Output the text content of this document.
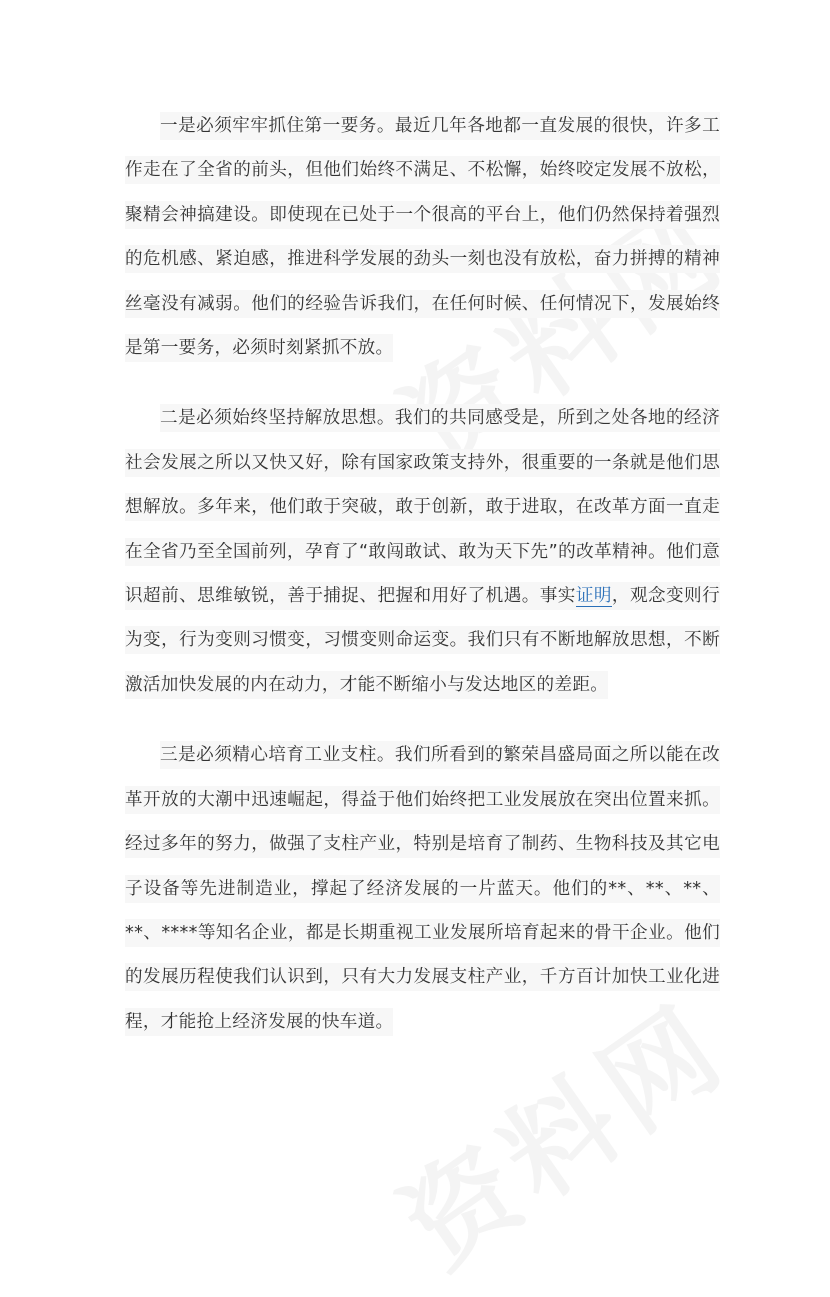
一是必须牢牢抓住第一要务。最近几年各地都一直发展的很快，许多工作走在了全省的前头，但他们始终不满足、不松懈，始终咬定发展不放松，聚精会神搞建设。即使现在已处于一个很高的平台上，他们仍然保持着强烈的危机感、紧迫感，推进科学发展的劲头一刻也没有放松，奋力拼搏的精神丝毫没有减弱。他们的经验告诉我们，在任何时候、任何情况下，发展始终是第一要务，必须时刻紧抓不放。

二是必须始终坚持解放思想。我们的共同感受是，所到之处各地的经济社会发展之所以又快又好，除有国家政策支持外，很重要的一条就是他们思想解放。多年来，他们敢于突破，敢于创新，敢于进取，在改革方面一直走在全省乃至全国前列，孕育了“敢闯敢试、敢为天下先”的改革精神。他们意识超前、思维敏锐，善于捕捉、把握和用好了机遇。事实证明，观念变则行为变，行为变则习惯变，习惯变则命运变。我们只有不断地解放思想，不断激活加快发展的内在动力，才能不断缩小与发达地区的差距。

三是必须精心培育工业支柱。我们所看到的繁荣昌盛局面之所以能在改革开放的大潮中迅速崛起，得益于他们始终把工业发展放在突出位置来抓。经过多年的努力，做强了支柱产业，特别是培育了制药、生物科技及其它电子设备等先进制造业，撑起了经济发展的一片蓝天。他们的**、**、**、**、****等知名企业，都是长期重视工业发展所培育起来的骨干企业。他们的发展历程使我们认识到，只有大力发展支柱产业，千方百计加快工业化进程，才能抢上经济发展的快车道。
